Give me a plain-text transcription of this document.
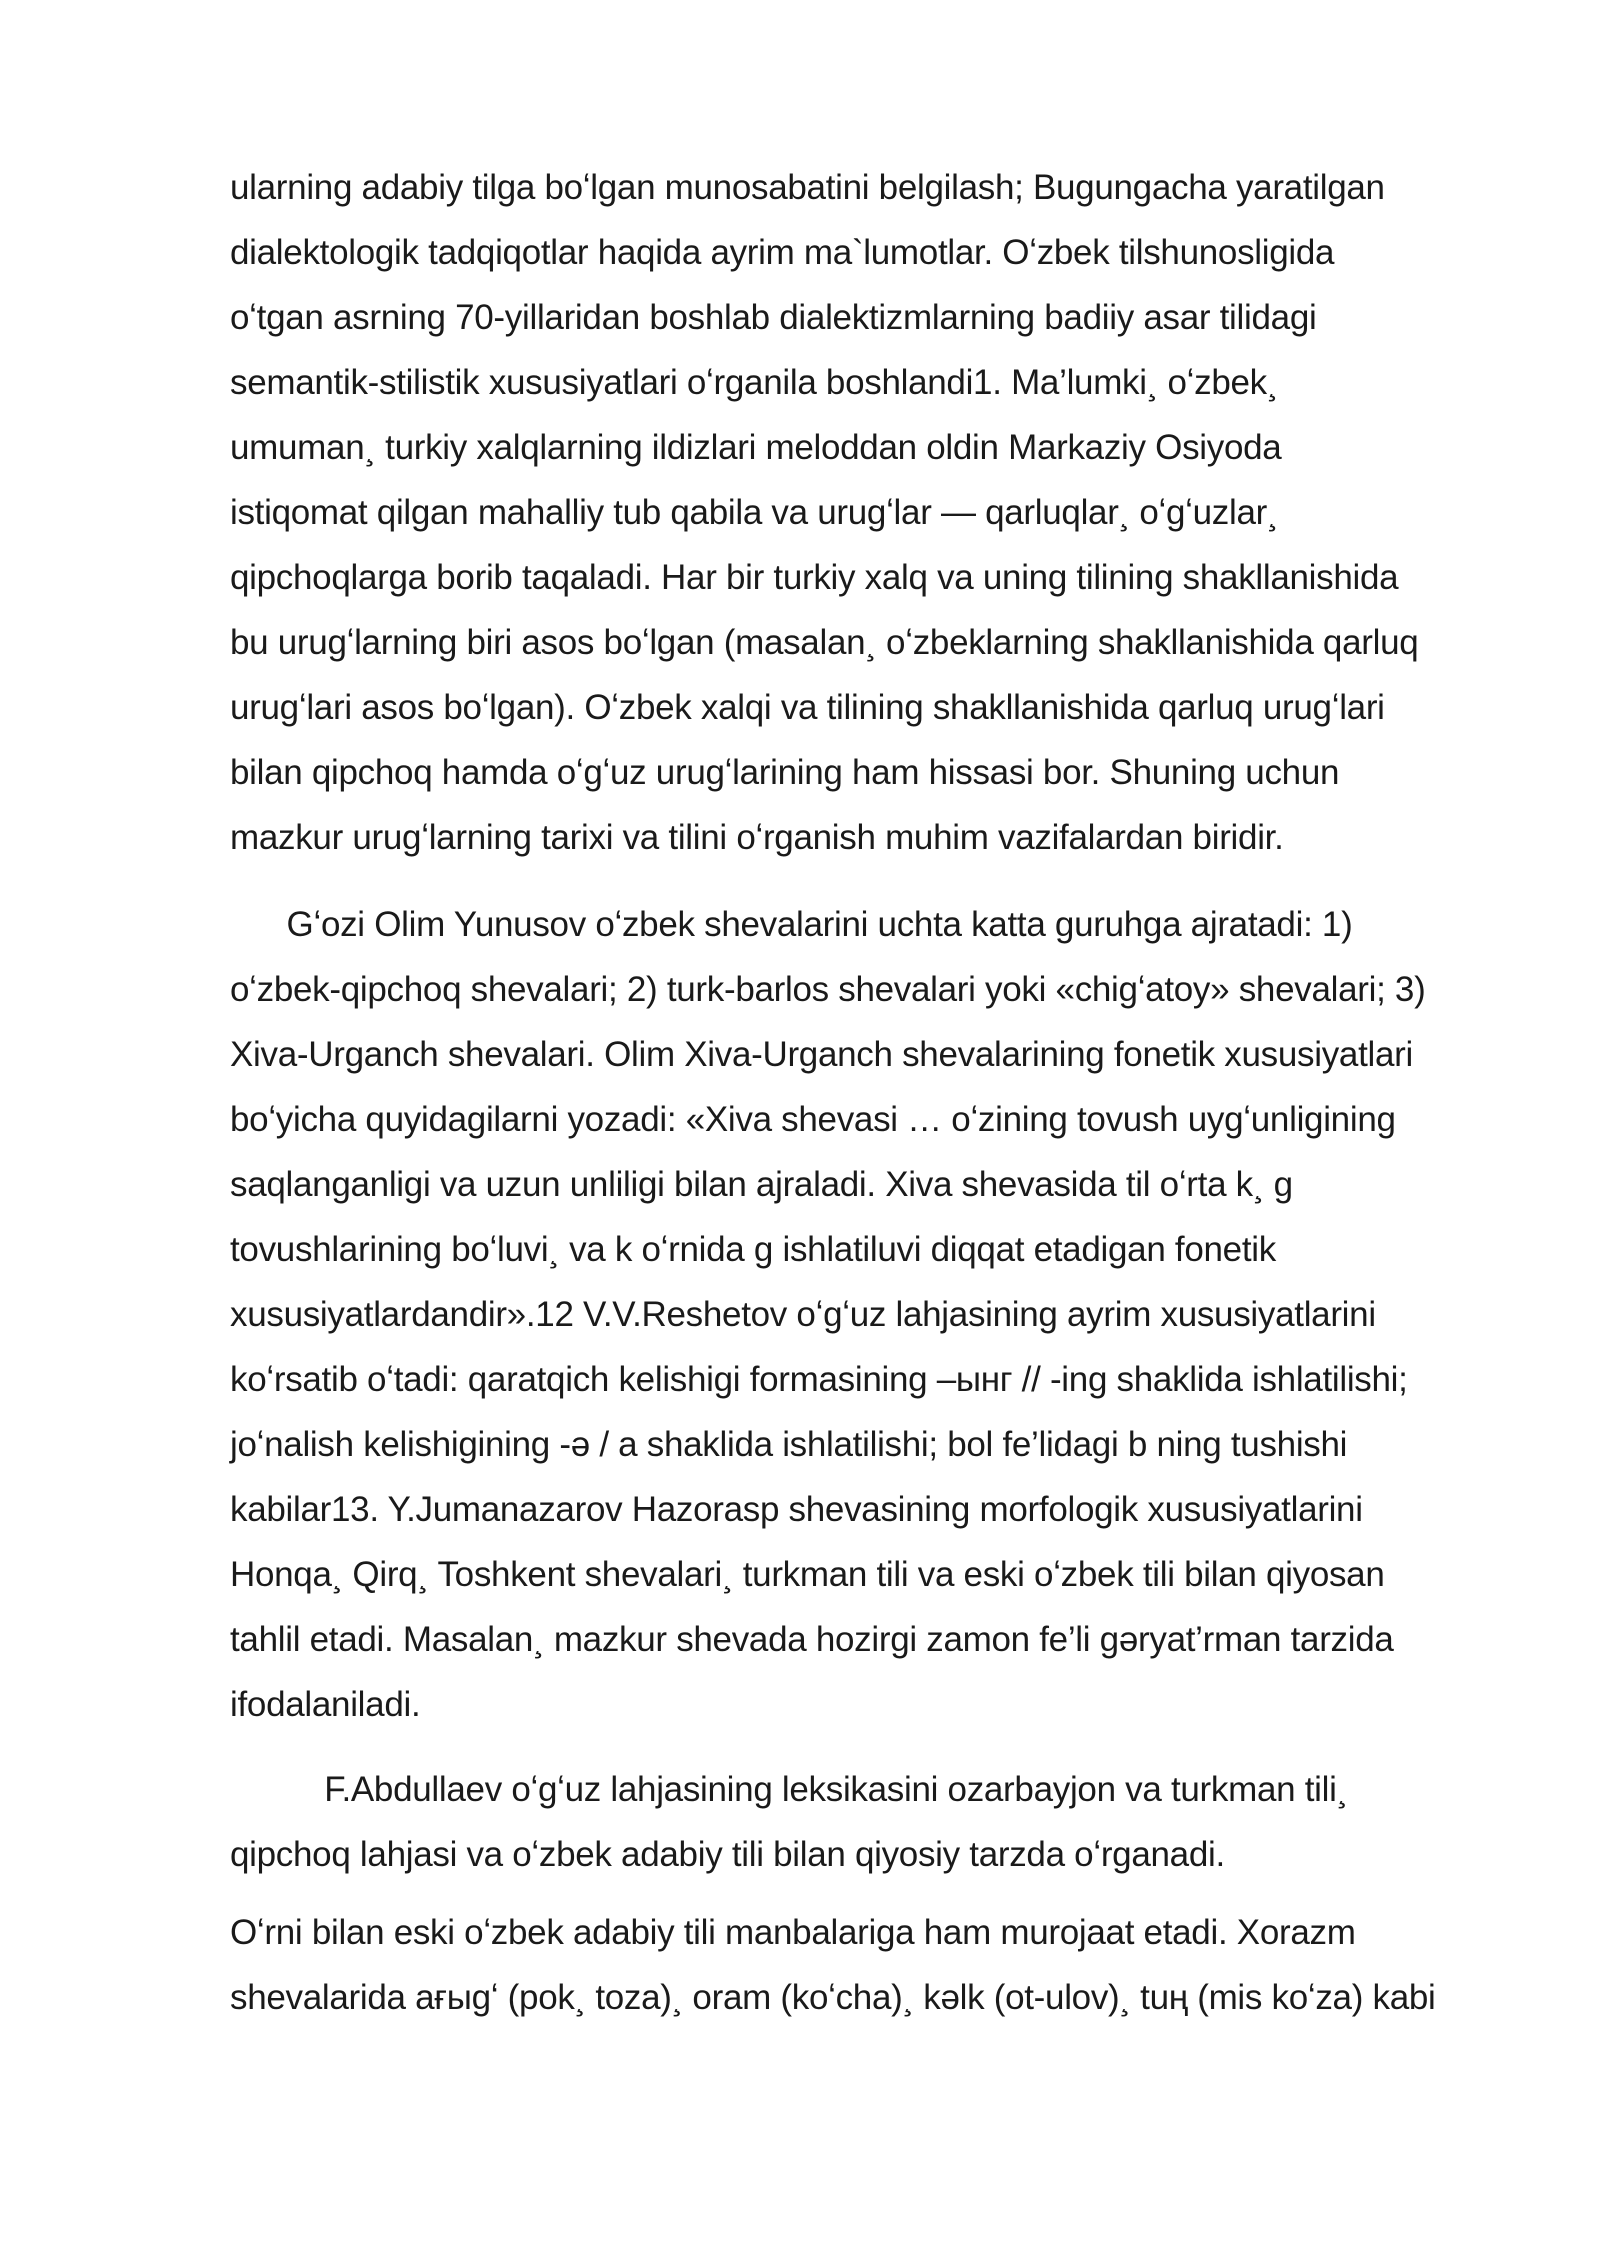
ularning adabiy tilga boʻlgan munosabatini belgilash; Bugungacha yaratilgan
dialektologik tadqiqotlar haqida ayrim ma`lumotlar. Oʻzbek tilshunosligida
oʻtgan asrning 70-yillaridan boshlab dialektizmlarning badiiy asar tilidagi
semantik-stilistik xususiyatlari oʻrganila boshlandi1. Ma’lumki¸ oʻzbek¸
umuman¸ turkiy xalqlarning ildizlari meloddan oldin Markaziy Osiyoda
istiqomat qilgan mahalliy tub qabila va urugʻlar — qarluqlar¸ oʻgʻuzlar¸
qipchoqlarga borib taqaladi. Har bir turkiy xalq va uning tilining shakllanishida
bu urugʻlarning biri asos boʻlgan (masalan¸ oʻzbeklarning shakllanishida qarluq
urugʻlari asos boʻlgan). Oʻzbek xalqi va tilining shakllanishida qarluq urugʻlari
bilan qipchoq hamda oʻgʻuz urugʻlarining ham hissasi bor. Shuning uchun
mazkur urugʻlarning tarixi va tilini oʻrganish muhim vazifalardan biridir.
Gʻozi Olim Yunusov oʻzbek shevalarini uchta katta guruhga ajratadi: 1)
oʻzbek-qipchoq shevalari; 2) turk-barlos shevalari yoki «chigʻatoy» shevalari; 3)
Xiva-Urganch shevalari. Olim Xiva-Urganch shevalarining fonetik xususiyatlari
boʻyicha quyidagilarni yozadi: «Xiva shevasi … oʻzining tovush uygʻunligining
saqlanganligi va uzun unliligi bilan ajraladi. Xiva shevasida til oʻrta k¸ g
tovushlarining boʻluvi¸ va k oʻrnida g ishlatiluvi diqqat etadigan fonetik
xususiyatlardandir».12 V.V.Reshetov oʻgʻuz lahjasining ayrim xususiyatlarini
koʻrsatib oʻtadi: qaratqich kelishigi formasining –ынг // -ing shaklida ishlatilishi;
joʻnalish kelishigining -ə / a shaklida ishlatilishi; bol fe’lidagi b ning tushishi
kabilar13. Y.Jumanazarov Hazorasp shevasining morfologik xususiyatlarini
Honqa¸ Qirq¸ Toshkent shevalari¸ turkman tili va eski oʻzbek tili bilan qiyosan
tahlil etadi. Masalan¸ mazkur shevada hozirgi zamon fe’li gəryat’rman tarzida
ifodalaniladi.
F.Abdullaev oʻgʻuz lahjasining leksikasini ozarbayjon va turkman tili¸
qipchoq lahjasi va oʻzbek adabiy tili bilan qiyosiy tarzda oʻrganadi.
Oʻrni bilan eski oʻzbek adabiy tili manbalariga ham murojaat etadi. Xorazm
shevalarida aғыgʻ (pok¸ toza)¸ oram (koʻcha)¸ kəlk (ot-ulov)¸ tuң (mis koʻza) kabi
